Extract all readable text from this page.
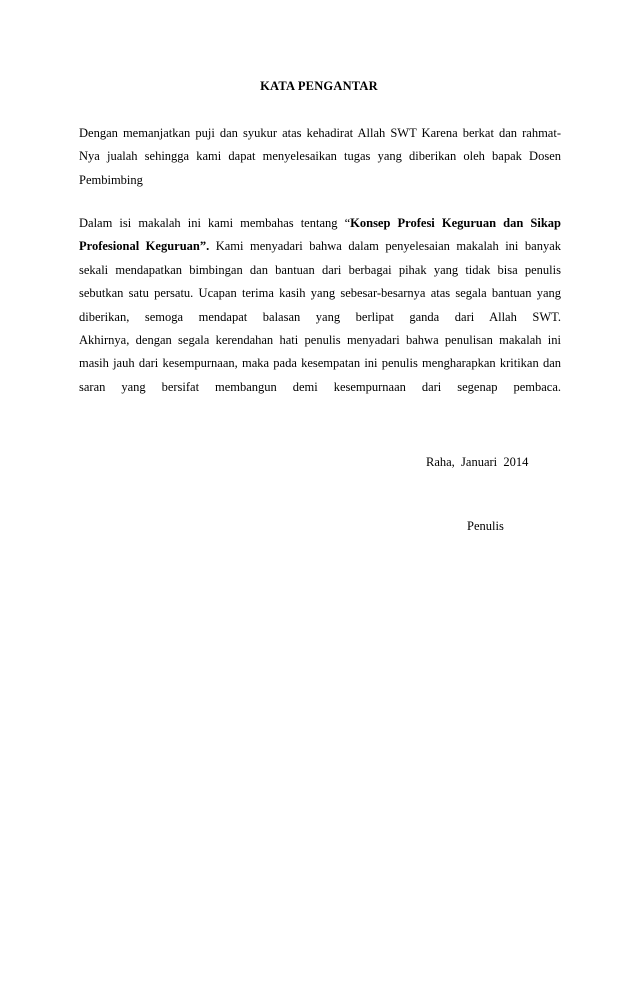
KATA PENGANTAR
Dengan memanjatkan puji dan syukur atas kehadirat Allah SWT Karena berkat dan rahmat-
Nya jualah sehingga kami dapat menyelesaikan tugas yang diberikan oleh bapak Dosen
Pembimbing
Dalam isi makalah ini kami membahas tentang “Konsep Profesi Keguruan dan Sikap
Profesional Keguruan”. Kami menyadari bahwa dalam penyelesaian makalah ini banyak
sekali mendapatkan bimbingan dan bantuan dari berbagai pihak yang tidak bisa penulis
sebutkan satu persatu. Ucapan terima kasih yang sebesar-besarnya atas segala bantuan yang
diberikan, semoga mendapat balasan yang berlipat ganda dari Allah SWT.
Akhirnya, dengan segala kerendahan hati penulis menyadari bahwa penulisan makalah ini
masih jauh dari kesempurnaan, maka pada kesempatan ini penulis mengharapkan kritikan dan
saran yang bersifat membangun demi kesempurnaan dari segenap pembaca.
Raha,  Januari  2014
Penulis
